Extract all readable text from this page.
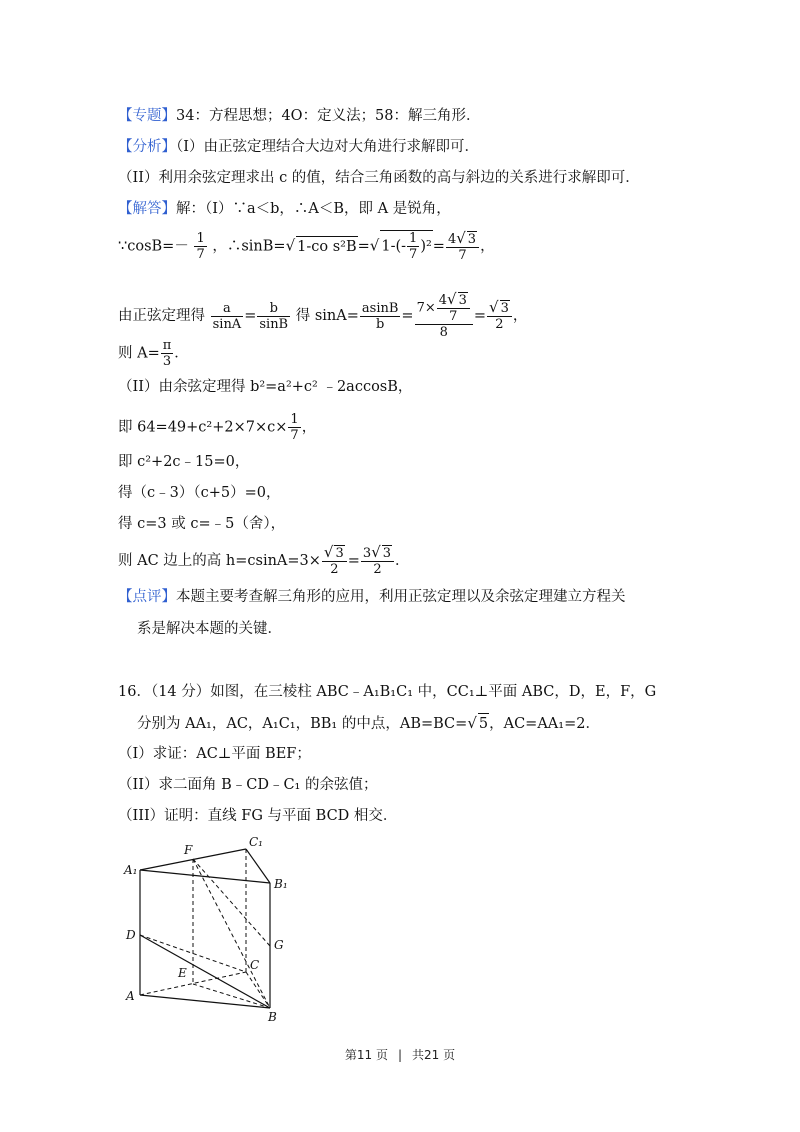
【专题】34：方程思想；4O：定义法；58：解三角形．
【分析】（I）由正弦定理结合大边对大角进行求解即可．
（II）利用余弦定理求出 c 的值，结合三角函数的高与斜边的关系进行求解即可．
【解答】解：（I）∵a＜b，∴A＜B，即 A 是锐角，
∵cosB=－ $\frac{1}{7}$ ，∴sinB=√ 1-co s²B=√ $1-(- \frac{1}{7} )^2= \frac{4√ 3}{7}$ ，
由正弦定理得 $\frac{a}{\sin A} = \frac{b}{\sin B}$ 得 $\sin A= \frac{asinB}{b} = \frac{7\times \frac{4√ 3}{7}}{8} = \frac{√ 3}{2}$ ，
则 $A= \frac{\pi}{3}$ ．
（II）由余弦定理得 b²=a²+c² ﹣2accosB，
即 $64=49+c^2+2\times 7\times c\times \frac{1}{7}$ ，
即 c²+2c﹣15=0，
得（c﹣3）（c+5）=0，
得 c=3 或 c=﹣5（舍），
则 AC 边上的高 $h=csinA=3\times \frac{√ 3}{2} = \frac{3√ 3}{2}$ ．
【点评】本题主要考查解三角形的应用，利用正弦定理以及余弦定理建立方程关
系是解决本题的关键．
16．（14 分）如图，在三棱柱 ABC﹣A₁B₁C₁ 中，CC₁⊥平面 ABC，D，E，F，G
分别为 AA₁，AC，A₁C₁，BB₁ 的中点，AB=BC=√ 5，AC=AA₁=2．
（I）求证：AC⊥平面 BEF；
（II）求二面角 B﹣CD﹣C₁ 的余弦值；
（III）证明：直线 FG 与平面 BCD 相交．
A₁
F
C₁
B₁
D
G
E
C
A
B
第11 页 | 共21 页
